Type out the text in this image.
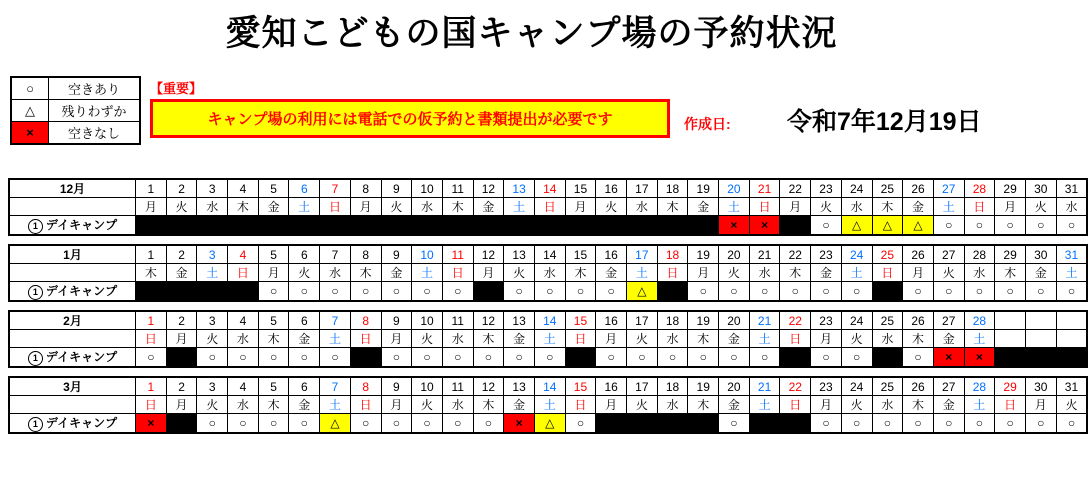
愛知こどもの国キャンプ場の予約状況
○	空きあり
△	残りわずか
×	空きなし
【重要】
キャンプ場の利用には電話での仮予約と書類提出が必要です	作成日: 令和7年12月19日
12月	1	2	3	4	5	6	7	8	9	10	11	12	13	14	15	16	17	18	19	20	21	22	23	24	25	26	27	28	29	30	31
	月	火	水	木	金	土	日	月	火	水	木	金	土	日	月	火	水	木	金	土	日	月	火	水	木	金	土	日	月	火	水
1 デイキャンプ																				×	×		○	△	△	△	○	○	○	○	○
1月	1	2	3	4	5	6	7	8	9	10	11	12	13	14	15	16	17	18	19	20	21	22	23	24	25	26	27	28	29	30	31
	木	金	土	日	月	火	水	木	金	土	日	月	火	水	木	金	土	日	月	火	水	木	金	土	日	月	火	水	木	金	土
1 デイキャンプ					○	○	○	○	○	○	○		○	○	○	○	△		○	○	○	○	○	○		○	○	○	○	○	○
2月	1	2	3	4	5	6	7	8	9	10	11	12	13	14	15	16	17	18	19	20	21	22	23	24	25	26	27	28			
	日	月	火	水	木	金	土	日	月	火	水	木	金	土	日	月	火	水	木	金	土	日	月	火	水	木	金	土			
1 デイキャンプ	○		○	○	○	○	○		○	○	○	○	○	○		○	○	○	○	○	○		○	○		○	×	×			
3月	1	2	3	4	5	6	7	8	9	10	11	12	13	14	15	16	17	18	19	20	21	22	23	24	25	26	27	28	29	30	31
	日	月	火	水	木	金	土	日	月	火	水	木	金	土	日	月	火	水	木	金	土	日	月	火	水	木	金	土	日	月	火
1 デイキャンプ	×		○	○	○	○	△	○	○	○	○	○	×	△	○					○			○	○	○	○	○	○	○	○	○
